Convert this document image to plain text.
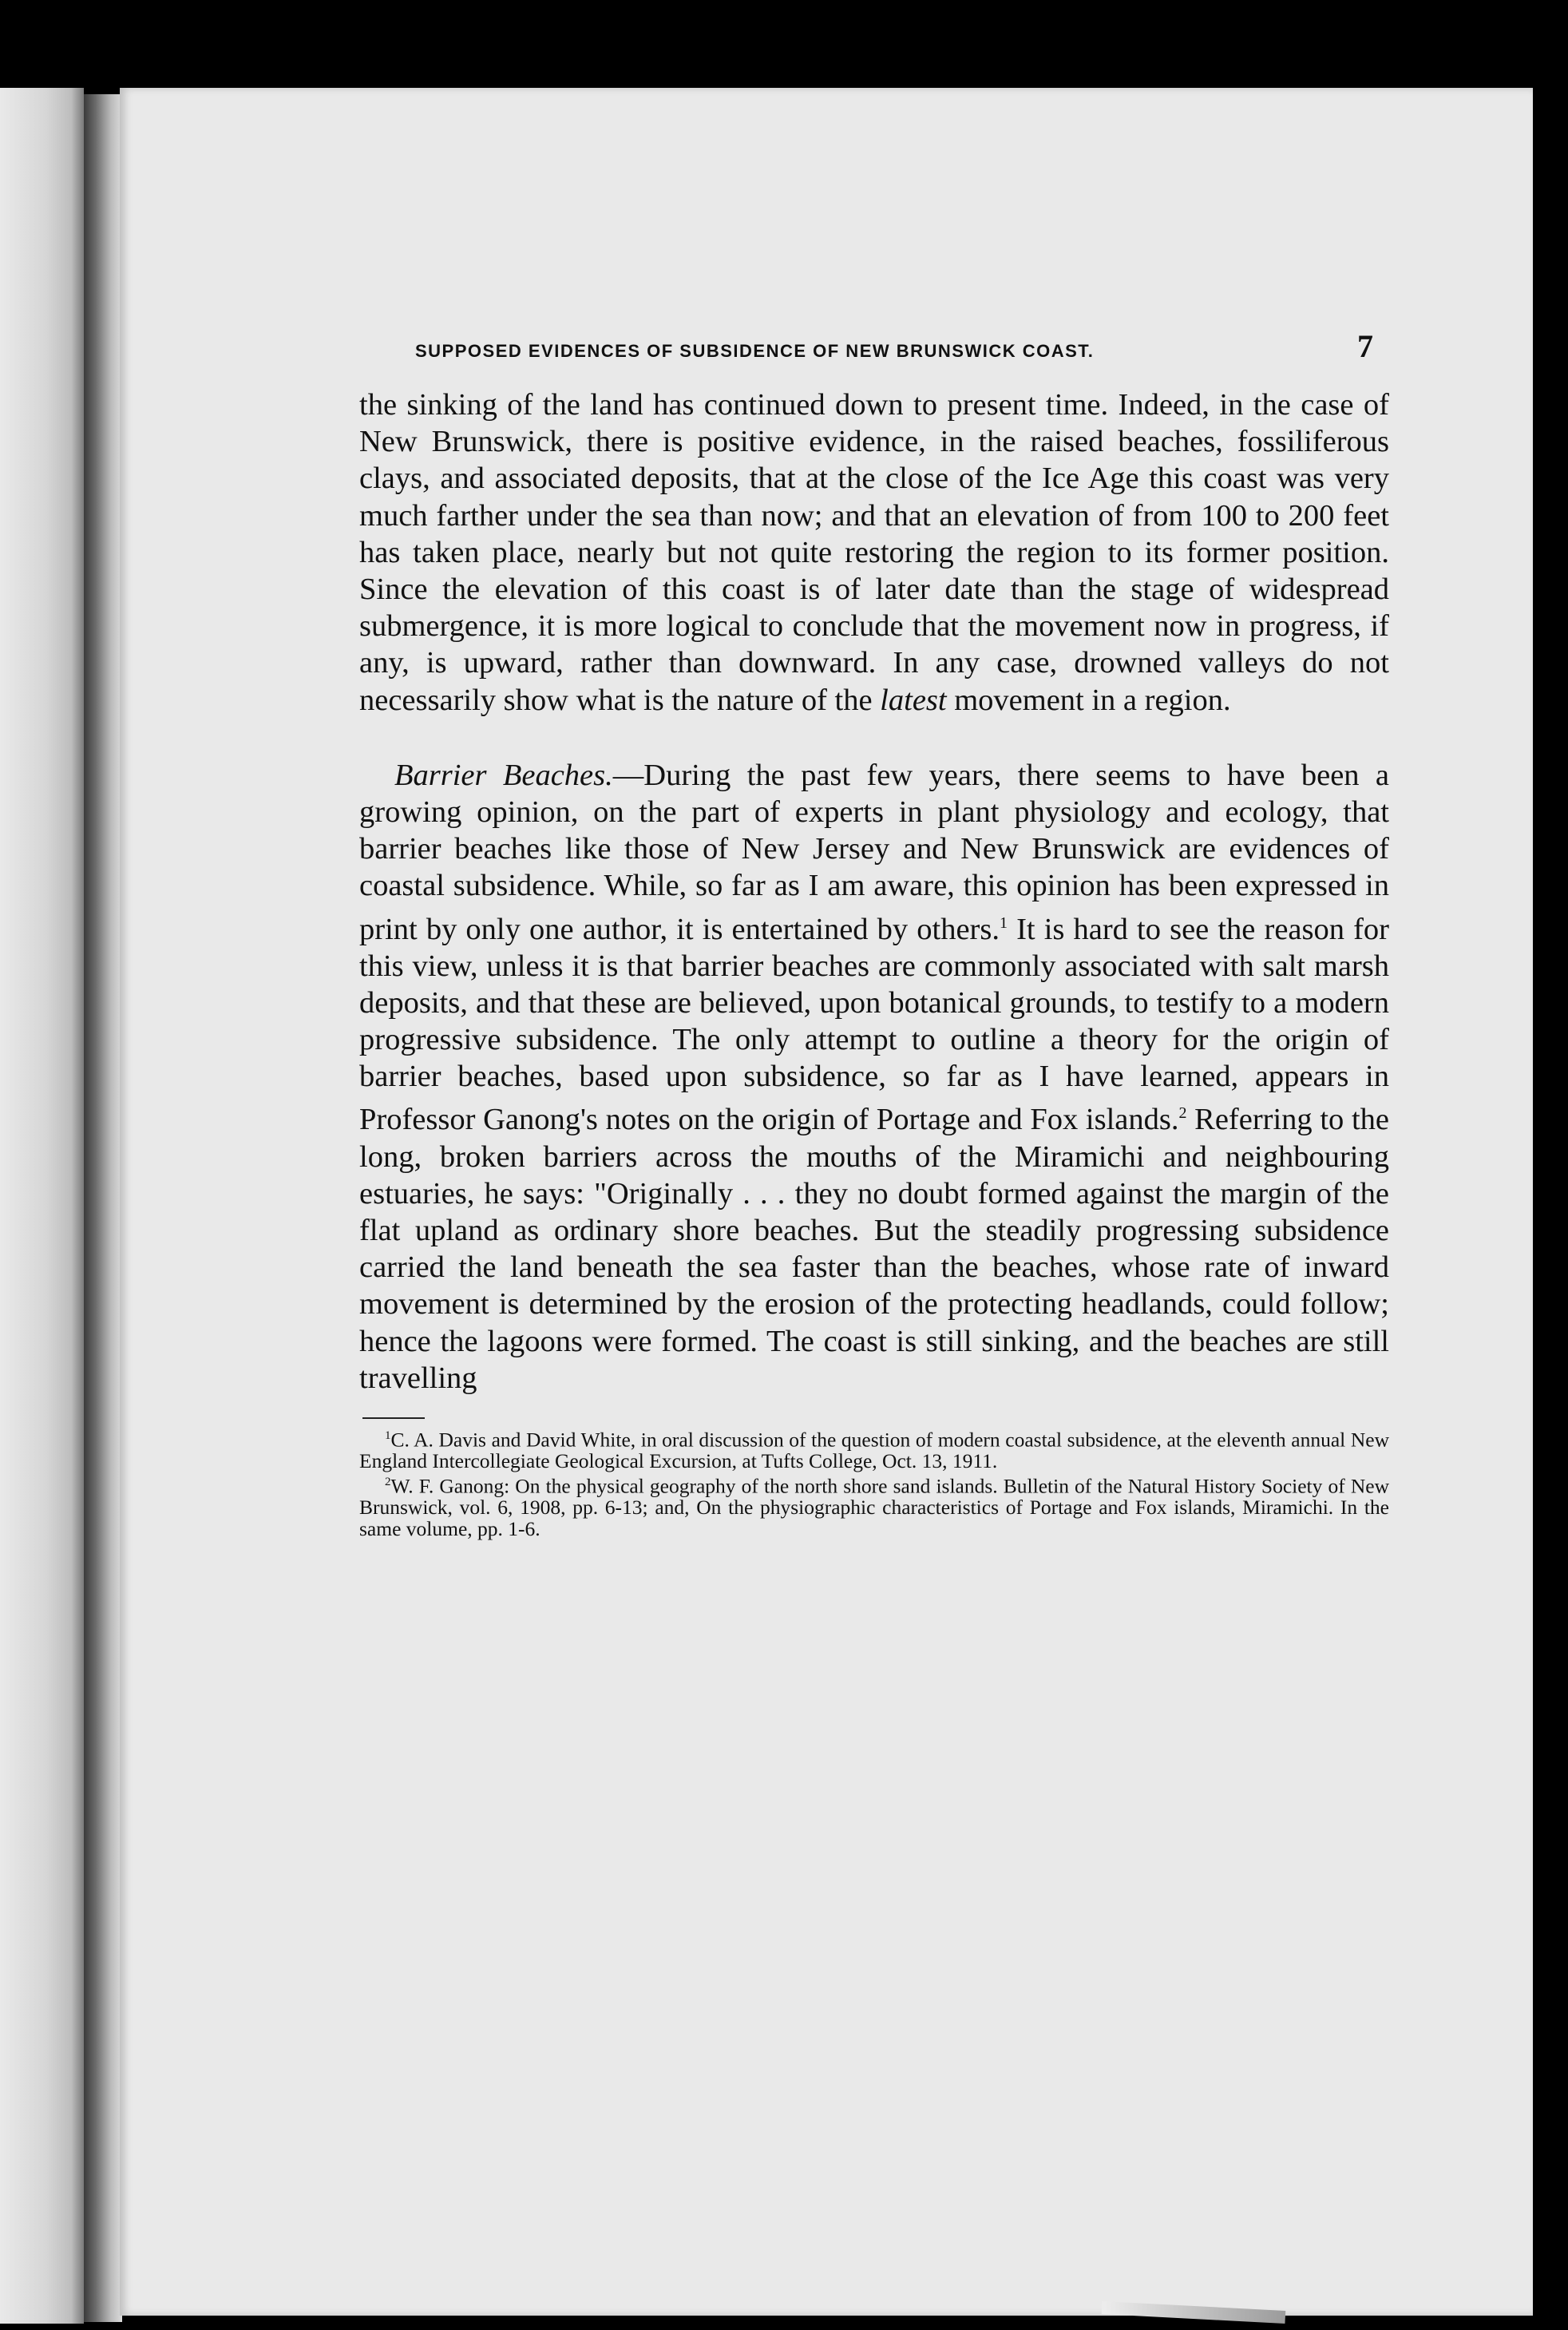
SUPPOSED EVIDENCES OF SUBSIDENCE OF NEW BRUNSWICK COAST.	7

the sinking of the land has continued down to present time. Indeed, in the case of New Brunswick, there is positive evidence, in the raised beaches, fossiliferous clays, and associated deposits, that at the close of the Ice Age this coast was very much farther under the sea than now; and that an elevation of from 100 to 200 feet has taken place, nearly but not quite restoring the region to its former position. Since the elevation of this coast is of later date than the stage of widespread submergence, it is more logical to conclude that the movement now in progress, if any, is upward, rather than downward. In any case, drowned valleys do not necessarily show what is the nature of the latest movement in a region.

Barrier Beaches.—During the past few years, there seems to have been a growing opinion, on the part of experts in plant physiology and ecology, that barrier beaches like those of New Jersey and New Brunswick are evidences of coastal subsidence. While, so far as I am aware, this opinion has been expressed in print by only one author, it is entertained by others.$^1$ It is hard to see the reason for this view, unless it is that barrier beaches are commonly associated with salt marsh deposits, and that these are believed, upon botanical grounds, to testify to a modern progressive subsidence. The only attempt to outline a theory for the origin of barrier beaches, based upon subsidence, so far as I have learned, appears in Professor Ganong's notes on the origin of Portage and Fox islands.$^2$ Referring to the long, broken barriers across the mouths of the Miramichi and neighbouring estuaries, he says: "Originally . . . they no doubt formed against the margin of the flat upland as ordinary shore beaches. But the steadily progressing subsidence carried the land beneath the sea faster than the beaches, whose rate of inward movement is determined by the erosion of the protecting headlands, could follow; hence the lagoons were formed. The coast is still sinking, and the beaches are still travelling

$^1$C. A. Davis and David White, in oral discussion of the question of modern coastal subsidence, at the eleventh annual New England Intercollegiate Geological Excursion, at Tufts College, Oct. 13, 1911.

$^2$W. F. Ganong: On the physical geography of the north shore sand islands. Bulletin of the Natural History Society of New Brunswick, vol. 6, 1908, pp. 6-13; and, On the physiographic characteristics of Portage and Fox islands, Miramichi. In the same volume, pp. 1-6.
